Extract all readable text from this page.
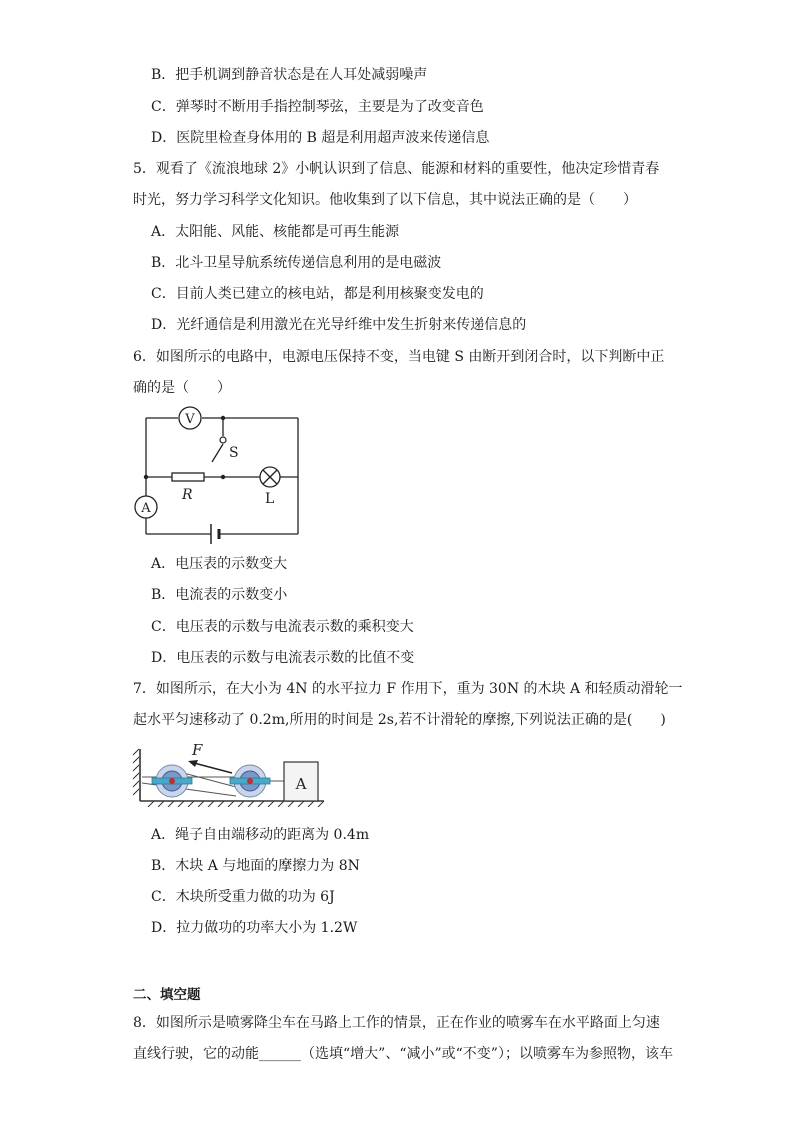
B．把手机调到静音状态是在人耳处减弱噪声
C．弹琴时不断用手指控制琴弦，主要是为了改变音色
D．医院里检查身体用的 B 超是利用超声波来传递信息
5．观看了《流浪地球 2》小帆认识到了信息、能源和材料的重要性，他决定珍惜青春
时光，努力学习科学文化知识。他收集到了以下信息，其中说法正确的是（　　）
A．太阳能、风能、核能都是可再生能源
B．北斗卫星导航系统传递信息利用的是电磁波
C．目前人类已建立的核电站，都是利用核聚变发电的
D．光纤通信是利用激光在光导纤维中发生折射来传递信息的
6．如图所示的电路中，电源电压保持不变，当电键 S 由断开到闭合时，以下判断中正
确的是（　　）
V
S
R	L
A
A．电压表的示数变大
B．电流表的示数变小
C．电压表的示数与电流表示数的乘积变大
D．电压表的示数与电流表示数的比值不变
7．如图所示，在大小为 4N 的水平拉力 F 作用下，重为 30N 的木块 A 和轻质动滑轮一
起水平匀速移动了 0.2m,所用的时间是 2s,若不计滑轮的摩擦,下列说法正确的是(　　)
F
A
A．绳子自由端移动的距离为 0.4m
B．木块 A 与地面的摩擦力为 8N
C．木块所受重力做的功为 6J
D．拉力做功的功率大小为 1.2W
二、填空题
8．如图所示是喷雾降尘车在马路上工作的情景，正在作业的喷雾车在水平路面上匀速
直线行驶，它的动能______（选填“增大”、“减小”或“不变”）；以喷雾车为参照物，该车
